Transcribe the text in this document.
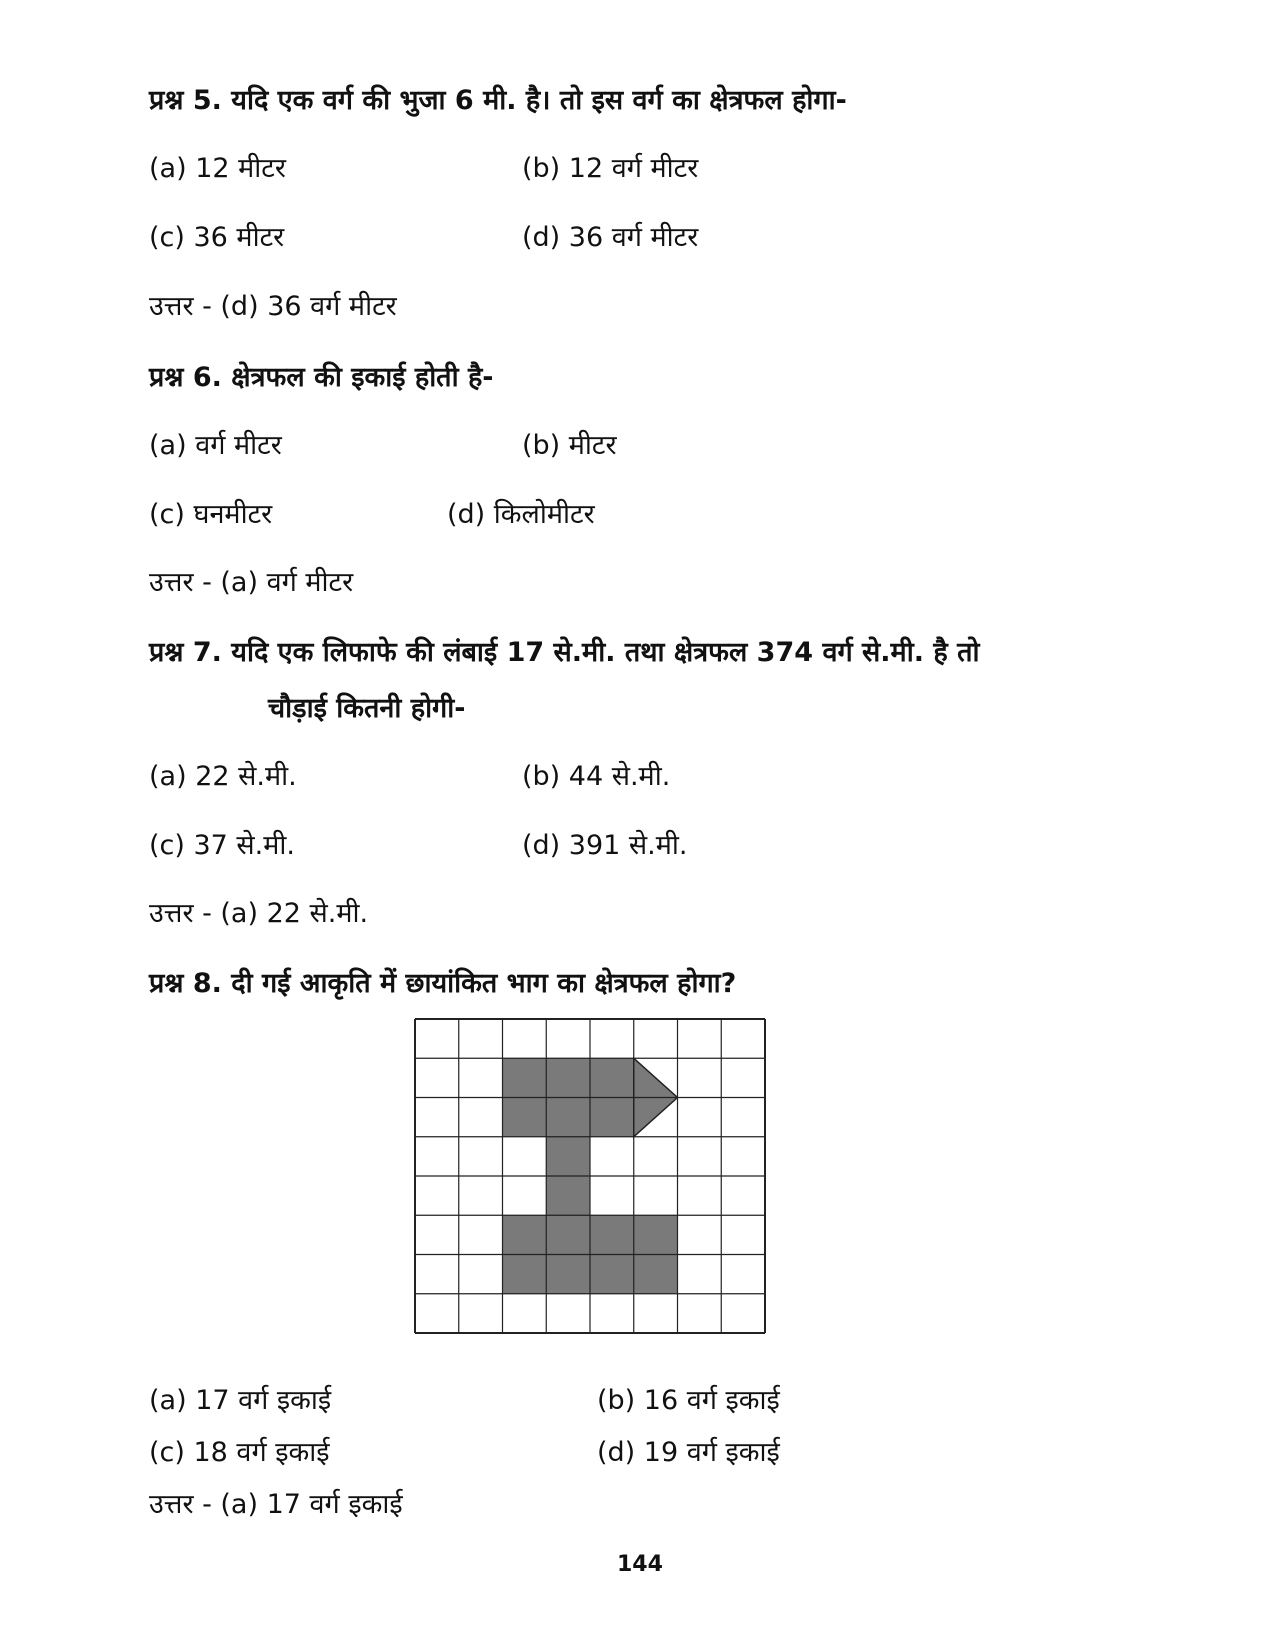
प्रश्न 5. यदि एक वर्ग की भुजा 6 मी. है। तो इस वर्ग का क्षेत्रफल होगा-
(a) 12 मीटर	(b) 12 वर्ग मीटर
(c) 36 मीटर	(d) 36 वर्ग मीटर
उत्तर - (d) 36 वर्ग मीटर
प्रश्न 6. क्षेत्रफल की इकाई होती है-
(a) वर्ग मीटर	(b) मीटर
(c) घनमीटर	(d) किलोमीटर
उत्तर - (a) वर्ग मीटर
प्रश्न 7. यदि एक लिफाफे की लंबाई 17 से.मी. तथा क्षेत्रफल 374 वर्ग से.मी. है तो
चौड़ाई कितनी होगी-
(a) 22 से.मी.	(b) 44 से.मी.
(c) 37 से.मी.	(d) 391 से.मी.
उत्तर - (a) 22 से.मी.
प्रश्न 8. दी गई आकृति में छायांकित भाग का क्षेत्रफल होगा?
(a) 17 वर्ग इकाई	(b) 16 वर्ग इकाई
(c) 18 वर्ग इकाई	(d) 19 वर्ग इकाई
उत्तर - (a) 17 वर्ग इकाई
144
